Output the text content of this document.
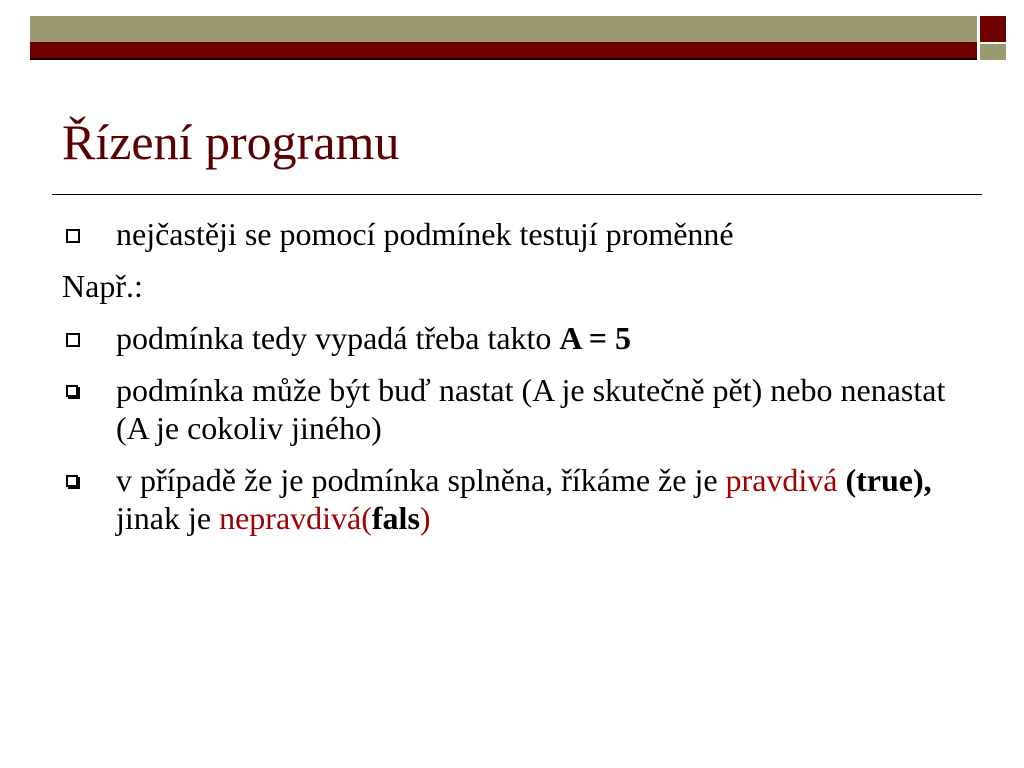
Řízení programu
nejčastěji se pomocí podmínek testují proměnné
Např.:
podmínka tedy vypadá třeba takto A = 5
podmínka může být buď nastat (A je skutečně pět) nebo nenastat (A je cokoliv jiného)
v případě že je podmínka splněna, říkáme že je pravdivá (true), jinak je nepravdivá(fals)
